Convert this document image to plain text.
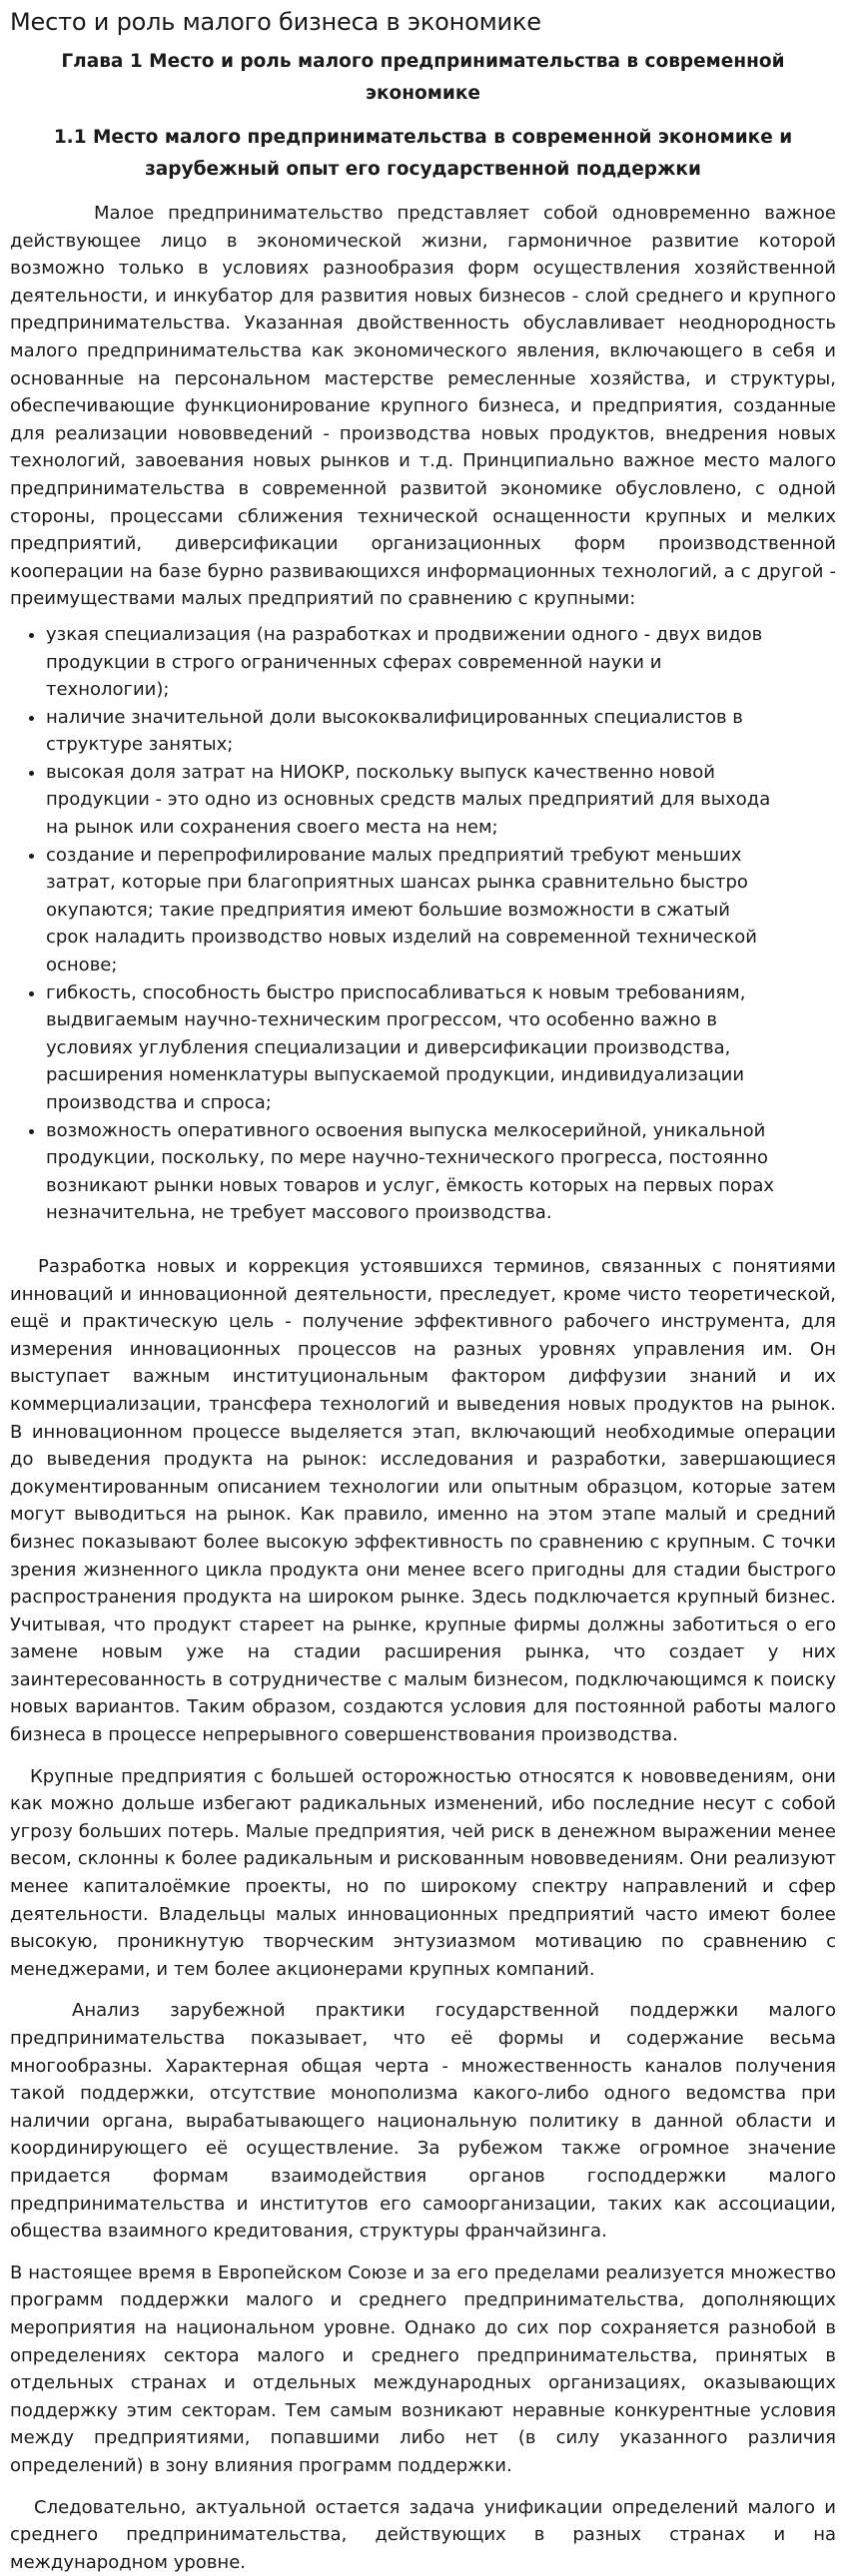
Место и роль малого бизнеса в экономике
Глава 1 Место и роль малого предпринимательства в современной экономике
1.1 Место малого предпринимательства в современной экономике и зарубежный опыт его государственной поддержки

Малое предпринимательство представляет собой одновременно важное действующее лицо в экономической жизни, гармоничное развитие которой возможно только в условиях разнообразия форм осуществления хозяйственной деятельности, и инкубатор для развития новых бизнесов - слой среднего и крупного предпринимательства. Указанная двойственность обуславливает неоднородность малого предпринимательства как экономического явления, включающего в себя и основанные на персональном мастерстве ремесленные хозяйства, и структуры, обеспечивающие функционирование крупного бизнеса, и предприятия, созданные для реализации нововведений - производства новых продуктов, внедрения новых технологий, завоевания новых рынков и т.д. Принципиально важное место малого предпринимательства в современной развитой экономике обусловлено, с одной стороны, процессами сближения технической оснащенности крупных и мелких предприятий, диверсификации организационных форм производственной кооперации на базе бурно развивающихся информационных технологий, а с другой - преимуществами малых предприятий по сравнению с крупными:

• узкая специализация (на разработках и продвижении одного - двух видов продукции в строго ограниченных сферах современной науки и технологии);
• наличие значительной доли высококвалифицированных специалистов в структуре занятых;
• высокая доля затрат на НИОКР, поскольку выпуск качественно новой продукции - это одно из основных средств малых предприятий для выхода на рынок или сохранения своего места на нем;
• создание и перепрофилирование малых предприятий требуют меньших затрат, которые при благоприятных шансах рынка сравнительно быстро окупаются; такие предприятия имеют большие возможности в сжатый срок наладить производство новых изделий на современной технической основе;
• гибкость, способность быстро приспосабливаться к новым требованиям, выдвигаемым научно-техническим прогрессом, что особенно важно в условиях углубления специализации и диверсификации производства, расширения номенклатуры выпускаемой продукции, индивидуализации производства и спроса;
• возможность оперативного освоения выпуска мелкосерийной, уникальной продукции, поскольку, по мере научно-технического прогресса, постоянно возникают рынки новых товаров и услуг, ёмкость которых на первых порах незначительна, не требует массового производства.

Разработка новых и коррекция устоявшихся терминов, связанных с понятиями инноваций и инновационной деятельности, преследует, кроме чисто теоретической, ещё и практическую цель - получение эффективного рабочего инструмента, для измерения инновационных процессов на разных уровнях управления им. Он выступает важным институциональным фактором диффузии знаний и их коммерциализации, трансфера технологий и выведения новых продуктов на рынок. В инновационном процессе выделяется этап, включающий необходимые операции до выведения продукта на рынок: исследования и разработки, завершающиеся документированным описанием технологии или опытным образцом, которые затем могут выводиться на рынок. Как правило, именно на этом этапе малый и средний бизнес показывают более высокую эффективность по сравнению с крупным. С точки зрения жизненного цикла продукта они менее всего пригодны для стадии быстрого распространения продукта на широком рынке. Здесь подключается крупный бизнес. Учитывая, что продукт стареет на рынке, крупные фирмы должны заботиться о его замене новым уже на стадии расширения рынка, что создает у них заинтересованность в сотрудничестве с малым бизнесом, подключающимся к поиску новых вариантов. Таким образом, создаются условия для постоянной работы малого бизнеса в процессе непрерывного совершенствования производства.

Крупные предприятия с большей осторожностью относятся к нововведениям, они как можно дольше избегают радикальных изменений, ибо последние несут с собой угрозу больших потерь. Малые предприятия, чей риск в денежном выражении менее весом, склонны к более радикальным и рискованным нововведениям. Они реализуют менее капиталоёмкие проекты, но по широкому спектру направлений и сфер деятельности. Владельцы малых инновационных предприятий часто имеют более высокую, проникнутую творческим энтузиазмом мотивацию по сравнению с менеджерами, и тем более акционерами крупных компаний.

Анализ зарубежной практики государственной поддержки малого предпринимательства показывает, что её формы и содержание весьма многообразны. Характерная общая черта - множественность каналов получения такой поддержки, отсутствие монополизма какого-либо одного ведомства при наличии органа, вырабатывающего национальную политику в данной области и координирующего её осуществление. За рубежом также огромное значение придается формам взаимодействия органов господдержки малого предпринимательства и институтов его самоорганизации, таких как ассоциации, общества взаимного кредитования, структуры франчайзинга.

В настоящее время в Европейском Союзе и за его пределами реализуется множество программ поддержки малого и среднего предпринимательства, дополняющих мероприятия на национальном уровне. Однако до сих пор сохраняется разнобой в определениях сектора малого и среднего предпринимательства, принятых в отдельных странах и отдельных международных организациях, оказывающих поддержку этим секторам. Тем самым возникают неравные конкурентные условия между предприятиями, попавшими либо нет (в силу указанного различия определений) в зону влияния программ поддержки.

Следовательно, актуальной остается задача унификации определений малого и среднего предпринимательства, действующих в разных странах и на международном уровне.
